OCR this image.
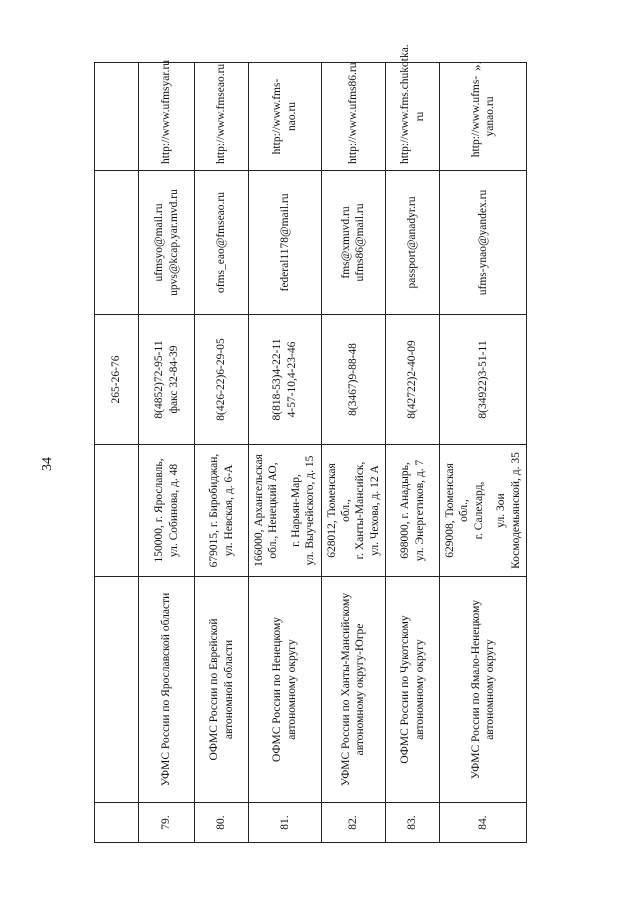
34
».
			265-26-76		
79.	УФМС России по Ярославской области	150000, г. Ярославль, ул. Собинова, д. 48	8(4852)72-95-11 факс 32-84-39	ufmsyo@mail.ru upvs@kcap.yar.mvd.ru	http://www.ufmsyar.ru

80.	ОФМС России по Еврейской автономной области	679015, г. Биробиджан, ул. Невская, д. 6-А	8(426-22)6-29-05	ofms_eao@fmseao.ru	http://www.fmseao.ru

81.	ОФМС России по Ненецкому автономному округу	166000, Архангельская обл., Ненецкий АО, г. Нарьян-Мар, ул. Выучейского, д. 15	8(818-53)4-22-11 4-57-10,4-23-46	federal1178@mail.ru	http://www.fms-nao.ru

82.	УФМС России по Ханты-Мансийскому автономному округу-Югре	628012, Тюменская обл., г. Ханты-Мансийск, ул. Чехова, д. 12 А	8(3467)9-88-48	fms@xmuvd.ru ufms86@mail.ru	http://www.ufms86.ru

83.	ОФМС России по Чукотскому автономному округу	698000, г. Анадырь, ул. Энергетиков, д. 7	8(42722)2-40-09	passport@anadyr.ru	http://www.fms.chukotka. ru

84.	УФМС России по Ямало-Ненецкому автономному округу	629008, Тюменская обл., г. Салехард, ул. Зои Космодемьянской, д. 35	8(34922)3-51-11	ufms-ynao@yandex.ru	http://www.ufms-yanao.ru
